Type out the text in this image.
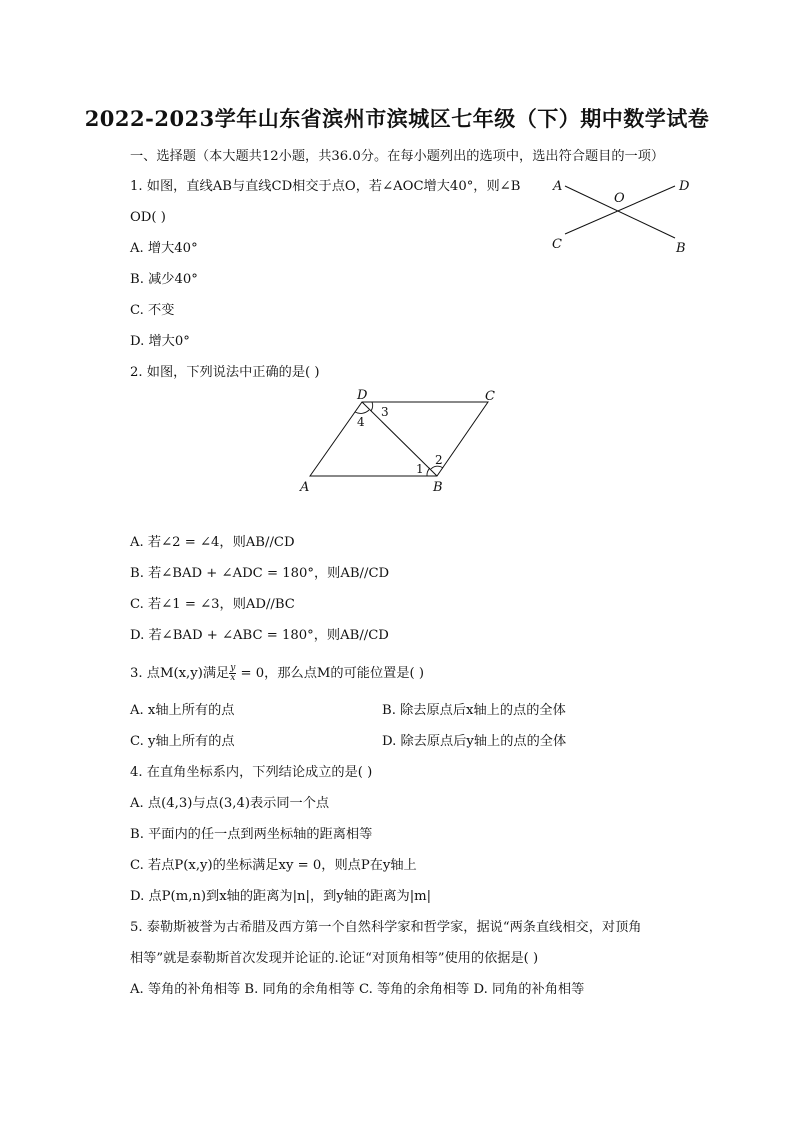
2022-2023学年山东省滨州市滨城区七年级（下）期中数学试卷
一、选择题（本大题共12小题，共36.0分。在每小题列出的选项中，选出符合题目的一项）
1. 如图，直线AB与直线CD相交于点O，若∠AOC增大40°，则∠B
OD( )
A. 增大40°
B. 减少40°
C. 不变
D. 增大0°
A
O
D
C	B
2. 如图，下列说法中正确的是( )
D	C
A	B
3
4
1
2
A. 若∠2 = ∠4，则AB//CD
B. 若∠BAD + ∠ADC = 180°，则AB//CD
C. 若∠1 = ∠3，则AD//BC
D. 若∠BAD + ∠ABC = 180°，则AB//CD
3. 点M(x,y)满足 $\frac{y}{x} = 0$，那么点M的可能位置是( )
A. x轴上所有的点	B. 除去原点后x轴上的点的全体
C. y轴上所有的点	D. 除去原点后y轴上的点的全体
4. 在直角坐标系内，下列结论成立的是( )
A. 点(4,3)与点(3,4)表示同一个点
B. 平面内的任一点到两坐标轴的距离相等
C. 若点P(x,y)的坐标满足xy = 0，则点P在y轴上
D. 点P(m,n)到x轴的距离为|n|，到y轴的距离为|m|
5. 泰勒斯被誉为古希腊及西方第一个自然科学家和哲学家，据说“两条直线相交，对顶角
相等”就是泰勒斯首次发现并论证的.论证“对顶角相等”使用的依据是( )
A. 等角的补角相等 B. 同角的余角相等 C. 等角的余角相等 D. 同角的补角相等
